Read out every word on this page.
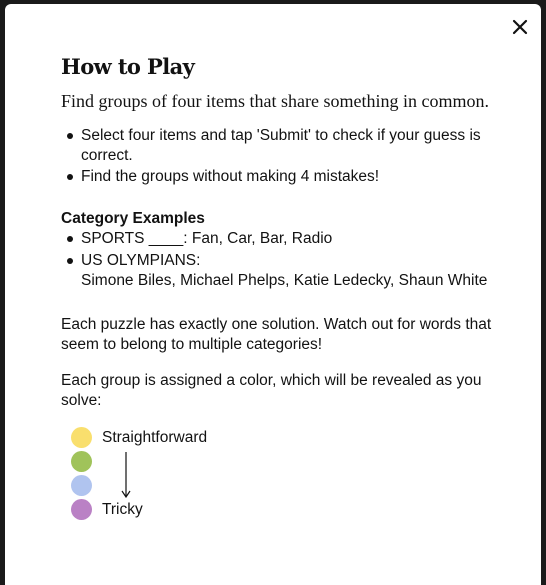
How to Play

Find groups of four items that share something in common.

Select four items and tap 'Submit' to check if your guess is correct.
Find the groups without making 4 mistakes!
Category Examples
SPORTS ____: Fan, Car, Bar, Radio
US OLYMPIANS:
Simone Biles, Michael Phelps, Katie Ledecky, Shaun White

Each puzzle has exactly one solution. Watch out for words that seem to belong to multiple categories!

Each group is assigned a color, which will be revealed as you solve:

Straightforward
Tricky
